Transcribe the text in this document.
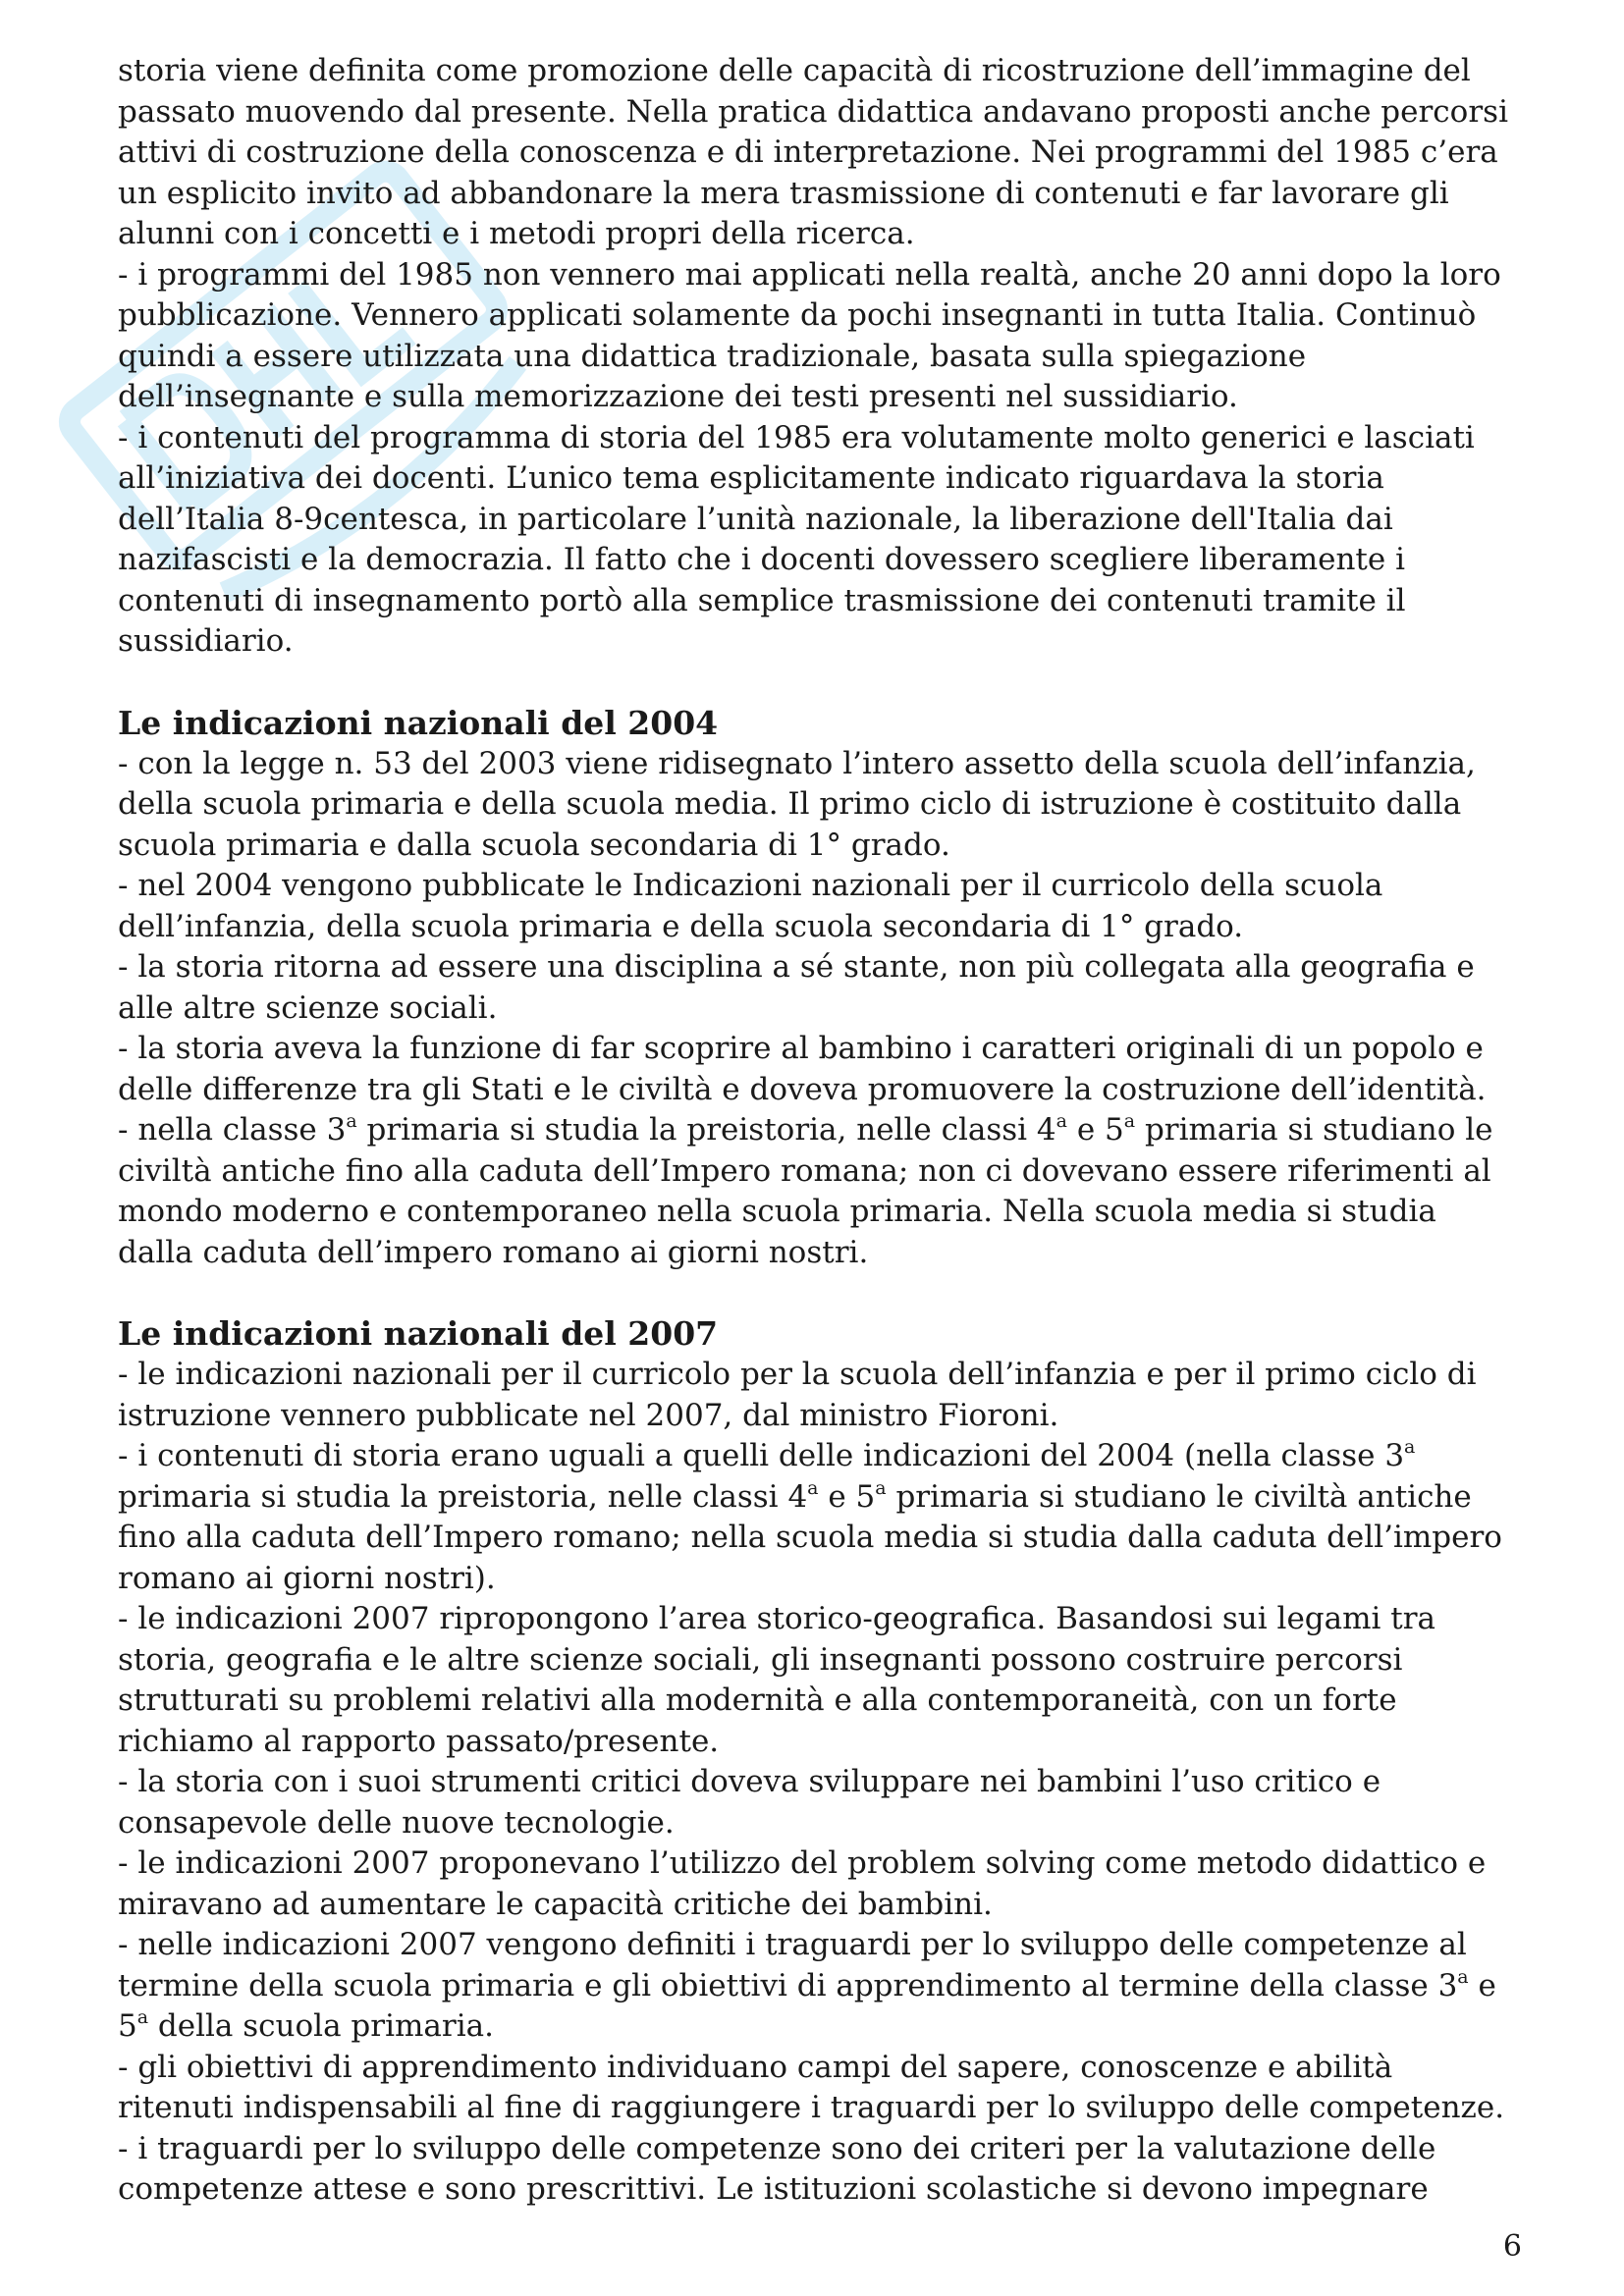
storia viene definita come promozione delle capacità di ricostruzione dell’immagine del passato muovendo dal presente. Nella pratica didattica andavano proposti anche percorsi attivi di costruzione della conoscenza e di interpretazione. Nei programmi del 1985 c’era un esplicito invito ad abbandonare la mera trasmissione di contenuti e far lavorare gli alunni con i concetti e i metodi propri della ricerca.

- i programmi del 1985 non vennero mai applicati nella realtà, anche 20 anni dopo la loro pubblicazione. Vennero applicati solamente da pochi insegnanti in tutta Italia. Continuò quindi a essere utilizzata una didattica tradizionale, basata sulla spiegazione dell’insegnante e sulla memorizzazione dei testi presenti nel sussidiario.

- i contenuti del programma di storia del 1985 era volutamente molto generici e lasciati all’iniziativa dei docenti. L’unico tema esplicitamente indicato riguardava la storia dell’Italia 8-9centesca, in particolare l’unità nazionale, la liberazione dell'Italia dai nazifascisti e la democrazia. Il fatto che i docenti dovessero scegliere liberamente i contenuti di insegnamento portò alla semplice trasmissione dei contenuti tramite il sussidiario.

Le indicazioni nazionali del 2004

- con la legge n. 53 del 2003 viene ridisegnato l’intero assetto della scuola dell’infanzia, della scuola primaria e della scuola media. Il primo ciclo di istruzione è costituito dalla scuola primaria e dalla scuola secondaria di 1° grado.

- nel 2004 vengono pubblicate le Indicazioni nazionali per il curricolo della scuola dell’infanzia, della scuola primaria e della scuola secondaria di 1° grado.

- la storia ritorna ad essere una disciplina a sé stante, non più collegata alla geografia e alle altre scienze sociali.

- la storia aveva la funzione di far scoprire al bambino i caratteri originali di un popolo e delle differenze tra gli Stati e le civiltà e doveva promuovere la costruzione dell’identità.

- nella classe 3$^a$ primaria si studia la preistoria, nelle classi 4$^a$ e 5$^a$ primaria si studiano le civiltà antiche fino alla caduta dell’Impero romana; non ci dovevano essere riferimenti al mondo moderno e contemporaneo nella scuola primaria. Nella scuola media si studia dalla caduta dell’impero romano ai giorni nostri.

Le indicazioni nazionali del 2007

- le indicazioni nazionali per il curricolo per la scuola dell’infanzia e per il primo ciclo di istruzione vennero pubblicate nel 2007, dal ministro Fioroni.

- i contenuti di storia erano uguali a quelli delle indicazioni del 2004 (nella classe 3$^a$ primaria si studia la preistoria, nelle classi 4$^a$ e 5$^a$ primaria si studiano le civiltà antiche fino alla caduta dell’Impero romano; nella scuola media si studia dalla caduta dell’impero romano ai giorni nostri).

- le indicazioni 2007 ripropongono l’area storico-geografica. Basandosi sui legami tra storia, geografia e le altre scienze sociali, gli insegnanti possono costruire percorsi strutturati su problemi relativi alla modernità e alla contemporaneità, con un forte richiamo al rapporto passato/presente.

- la storia con i suoi strumenti critici doveva sviluppare nei bambini l’uso critico e consapevole delle nuove tecnologie.

- le indicazioni 2007 proponevano l’utilizzo del problem solving come metodo didattico e miravano ad aumentare le capacità critiche dei bambini.

- nelle indicazioni 2007 vengono definiti i traguardi per lo sviluppo delle competenze al termine della scuola primaria e gli obiettivi di apprendimento al termine della classe 3$^a$ e 5$^a$ della scuola primaria.

- gli obiettivi di apprendimento individuano campi del sapere, conoscenze e abilità ritenuti indispensabili al fine di raggiungere i traguardi per lo sviluppo delle competenze.

- i traguardi per lo sviluppo delle competenze sono dei criteri per la valutazione delle competenze attese e sono prescrittivi. Le istituzioni scolastiche si devono impegnare

6
